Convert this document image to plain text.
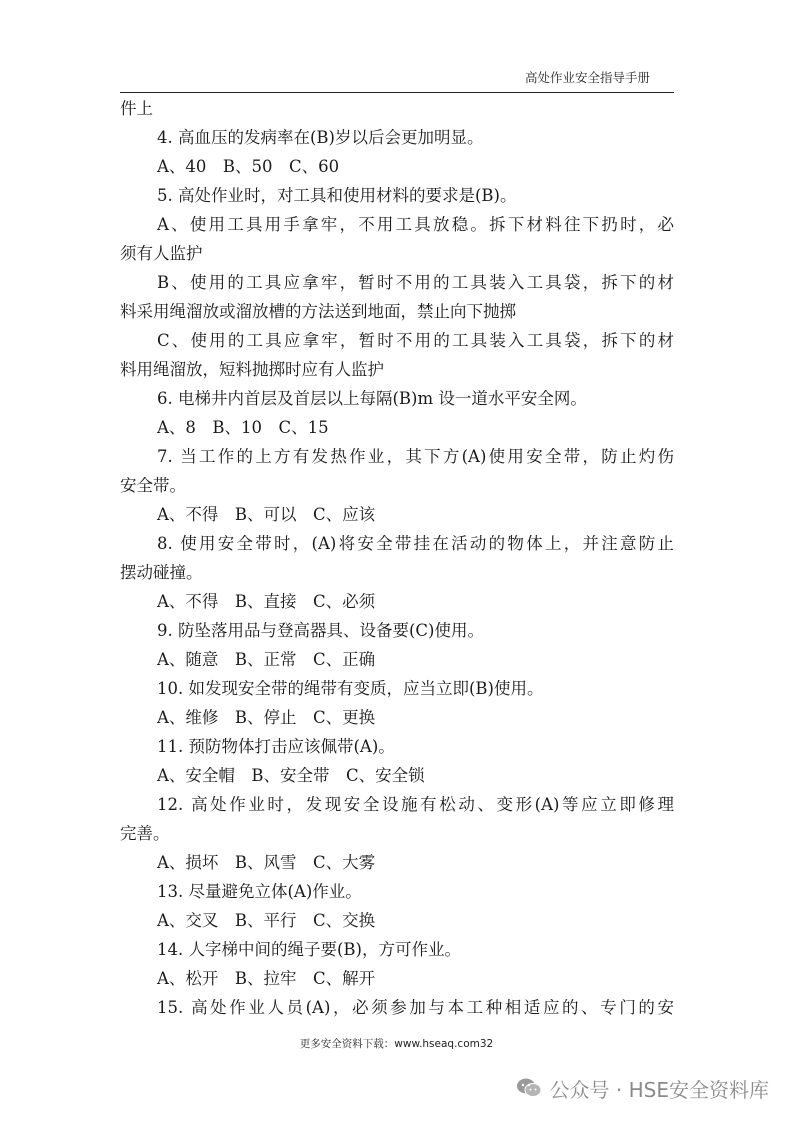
高处作业安全指导手册
件上
4. 高血压的发病率在(B)岁以后会更加明显。
A、40　B、50　C、60
5. 高处作业时，对工具和使用材料的要求是(B)。
A、使用工具用手拿牢，不用工具放稳。拆下材料往下扔时，必
须有人监护
B、使用的工具应拿牢，暂时不用的工具装入工具袋，拆下的材
料采用绳溜放或溜放槽的方法送到地面，禁止向下抛掷
C、使用的工具应拿牢，暂时不用的工具装入工具袋，拆下的材
料用绳溜放，短料抛掷时应有人监护
6. 电梯井内首层及首层以上每隔(B)m 设一道水平安全网。
A、8　B、10　C、15
7. 当工作的上方有发热作业，其下方(A)使用安全带，防止灼伤
安全带。
A、不得　B、可以　C、应该
8. 使用安全带时，(A)将安全带挂在活动的物体上，并注意防止
摆动碰撞。
A、不得　B、直接　C、必须
9. 防坠落用品与登高器具、设备要(C)使用。
A、随意　B、正常　C、正确
10. 如发现安全带的绳带有变质，应当立即(B)使用。
A、维修　B、停止　C、更换
11. 预防物体打击应该佩带(A)。
A、安全帽　B、安全带　C、安全锁
12. 高处作业时，发现安全设施有松动、变形(A)等应立即修理
完善。
A、损坏　B、风雪　C、大雾
13. 尽量避免立体(A)作业。
A、交叉　B、平行　C、交换
14. 人字梯中间的绳子要(B)，方可作业。
A、松开　B、拉牢　C、解开
15. 高处作业人员(A)，必须参加与本工种相适应的、专门的安
更多安全资料下载：www.hseaq.com32
公众号 · HSE安全资料库
